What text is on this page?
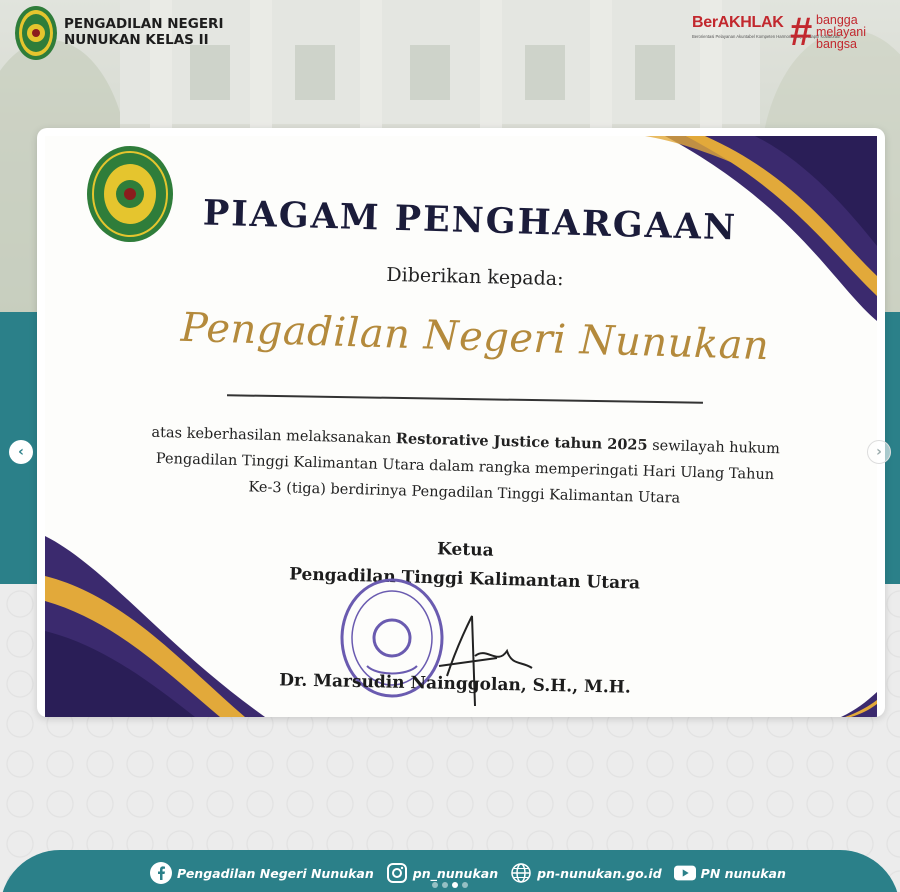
PENGADILAN NEGERI
NUNUKAN KELAS II
BerAKHLAK
Berorientasi Pelayanan Akuntabel Kompeten Harmonis Loyal Adaptif Kolaboratif
# bangga
melayani
bangsa
PIAGAM PENGHARGAAN
Diberikan kepada:
Pengadilan Negeri Nunukan
atas keberhasilan melaksanakan Restorative Justice tahun 2025 sewilayah hukum Pengadilan Tinggi Kalimantan Utara dalam rangka memperingati Hari Ulang Tahun Ke-3 (tiga) berdirinya Pengadilan Tinggi Kalimantan Utara
Ketua
Pengadilan Tinggi Kalimantan Utara
Dr. Marsudin Nainggolan, S.H., M.H.
‹	›
Pengadilan Negeri Nunukan	pn_nunukan	pn-nunukan.go.id	PN nunukan
